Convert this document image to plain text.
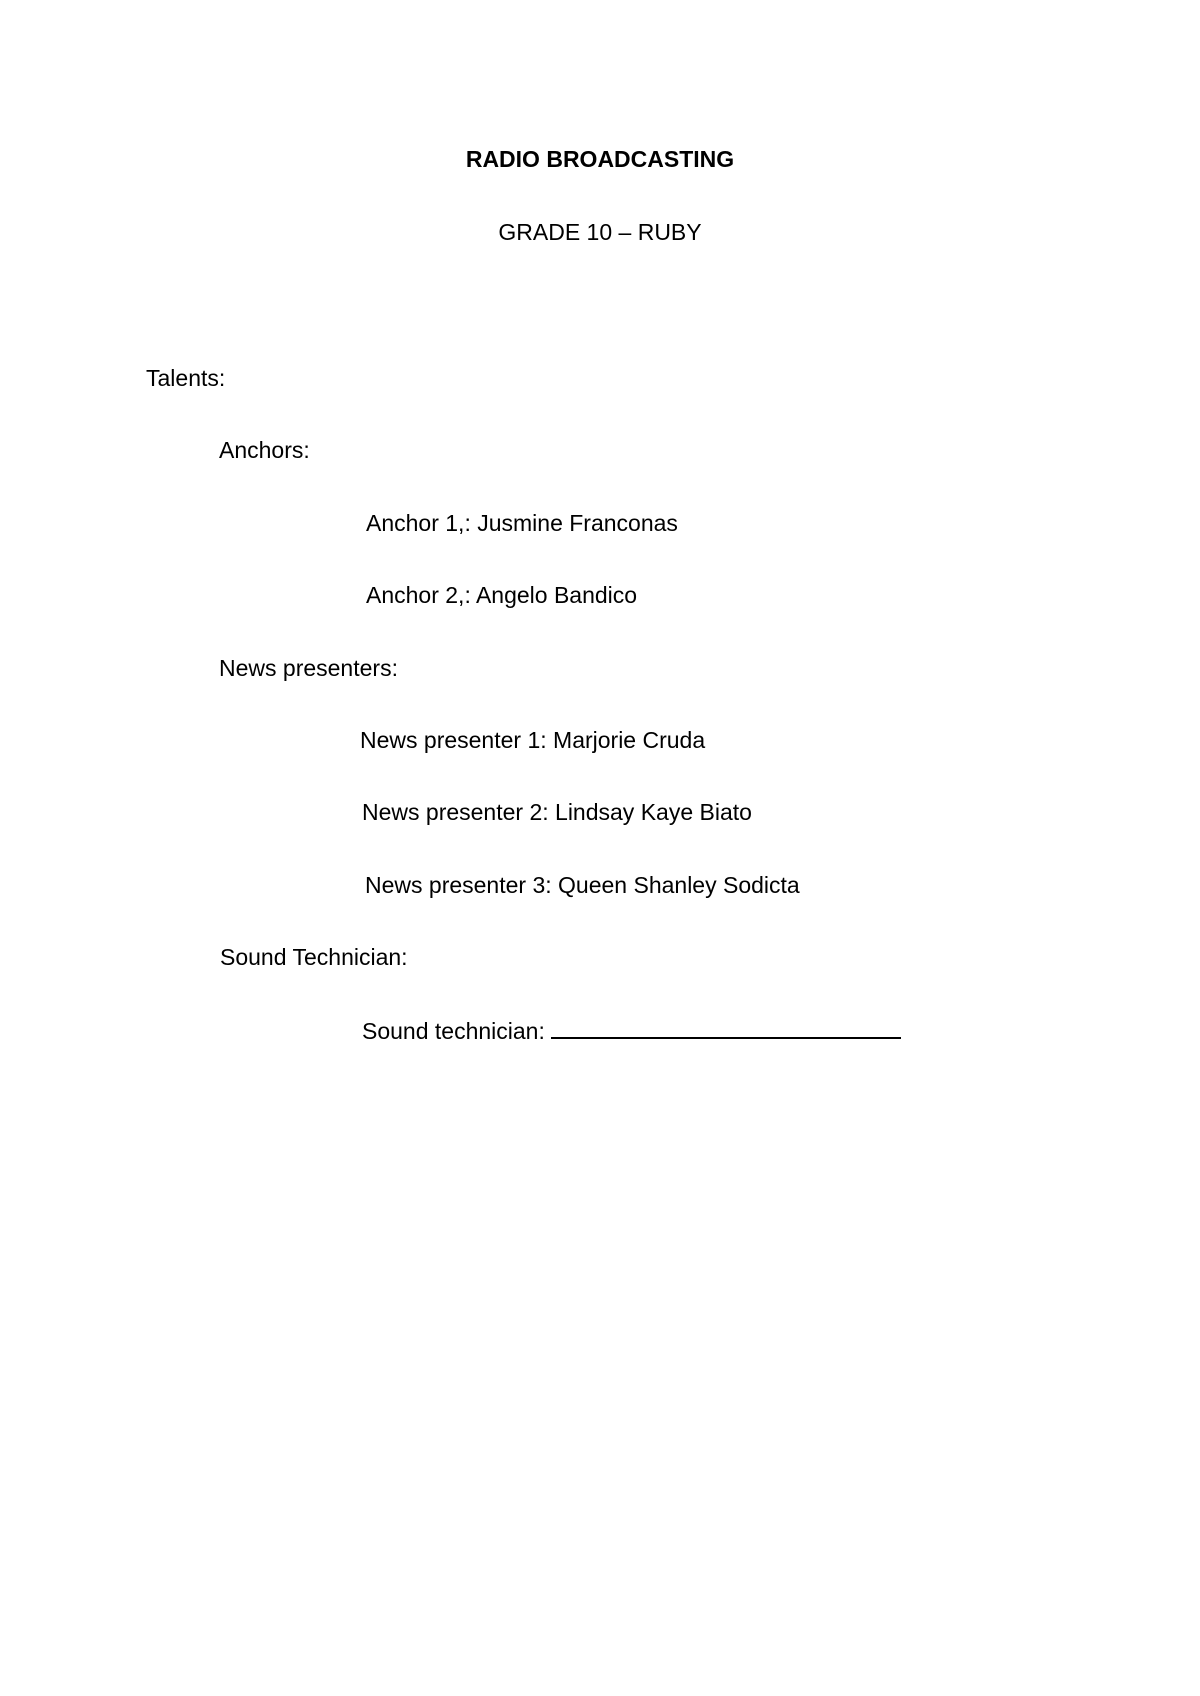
RADIO BROADCASTING
GRADE 10 – RUBY
Talents:
Anchors:
Anchor 1,: Jusmine Franconas
Anchor 2,: Angelo Bandico
News presenters:
News presenter 1: Marjorie Cruda
News presenter 2: Lindsay Kaye Biato
News presenter 3: Queen Shanley Sodicta
Sound Technician:
Sound technician:
